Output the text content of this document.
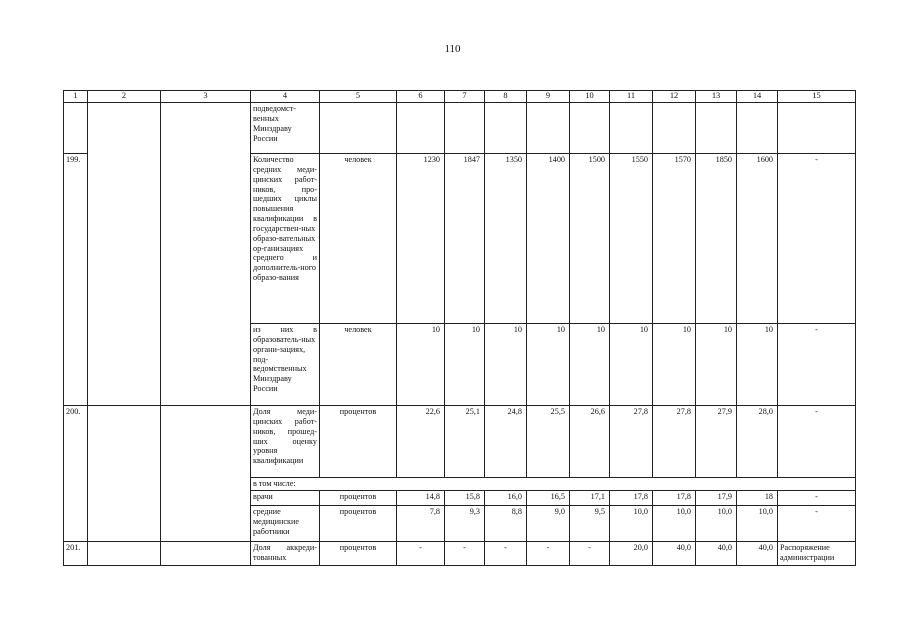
110
1	2	3	4	5	6	7	8	9	10	11	12	13	14	15
			подведомст-венных Минздраву России											
199.			Количество средних меди-цинских работ-ников, про-шедших циклы повышения квалификации в государствен-ных образо-вательных ор-ганизациях среднего и дополнитель-ного образо-вания	человек	1230	1847	1350	1400	1500	1550	1570	1850	1600	-
			из них в образователь-ных органи-зациях, под-ведомственных Минздраву России	человек	10	10	10	10	10	10	10	10	10	-
200.			Доля меди-цинских работ-ников, прошед-ших оценку уровня квалификации	процентов	22,6	25,1	24,8	25,5	26,6	27,8	27,8	27,9	28,0	-
			в том числе:											
			врачи	процентов	14,8	15,8	16,0	16,5	17,1	17,8	17,8	17,9	18	-
			средние медицинские работники	процентов	7,8	9,3	8,8	9,0	9,5	10,0	10,0	10,0	10,0	-
201.			Доля аккреди-тованных	процентов	-	-	-	-	-	20,0	40,0	40,0	40,0	Распоряжение администрации
